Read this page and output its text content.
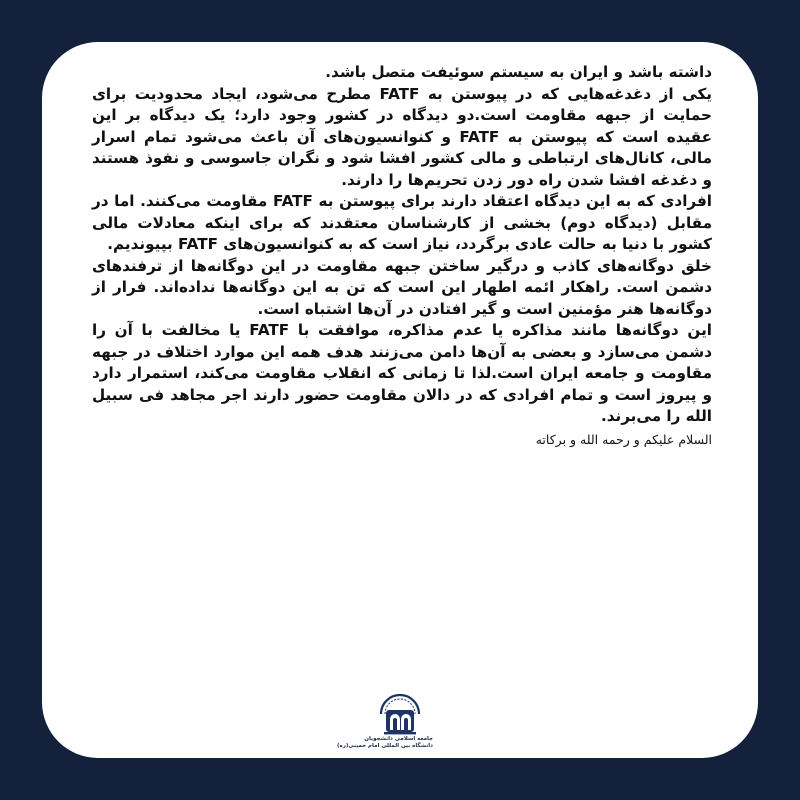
داشته باشد و ایران به سیستم سوئیفت متصل باشد.

یکی از دغدغه‌هایی که در پیوستن به FATF مطرح می‌شود، ایجاد محدودیت برای حمایت از جبهه مقاومت است.دو دیدگاه در کشور وجود دارد؛ یک دیدگاه بر این عقیده است که پیوستن به FATF و کنوانسیون‌های آن باعث می‌شود تمام اسرار مالی، کانال‌های ارتباطی و مالی کشور افشا شود و نگران جاسوسی و نفوذ هستند و دغدغه افشا شدن راه دور زدن تحریم‌ها را دارند.

افرادی که به این دیدگاه اعتقاد دارند برای پیوستن به FATF مقاومت می‌کنند. اما در مقابل (دیدگاه دوم) بخشی از کارشناسان معتقدند که برای اینکه معادلات مالی کشور با دنیا به حالت عادی برگردد، نیاز است که به کنوانسیون‌های FATF بپیوندیم.

خلق دوگانه‌های کاذب و درگیر ساختن جبهه مقاومت در این دوگانه‌ها از ترفندهای دشمن است. راهکار ائمه اطهار این است که تن به این دوگانه‌ها نداده‌اند. فرار از دوگانه‌ها هنر مؤمنین است و گیر افتادن در آن‌ها اشتباه است.

این دوگانه‌ها مانند مذاکره یا عدم مذاکره، موافقت با FATF یا مخالفت با آن را دشمن می‌سازد و بعضی به آن‌ها دامن می‌زنند هدف همه این موارد اختلاف در جبهه مقاومت و جامعه ایران است.لذا تا زمانی که انقلاب مقاومت می‌کند، استمرار دارد و پیروز است و تمام افرادی که در دالان مقاومت حضور دارند اجر مجاهد فی سبیل الله را می‌برند.

السلام علیکم و رحمه الله و برکاته

جامعه اسلامی دانشجویان
دانشگاه بین المللی امام خمینی(ره)
